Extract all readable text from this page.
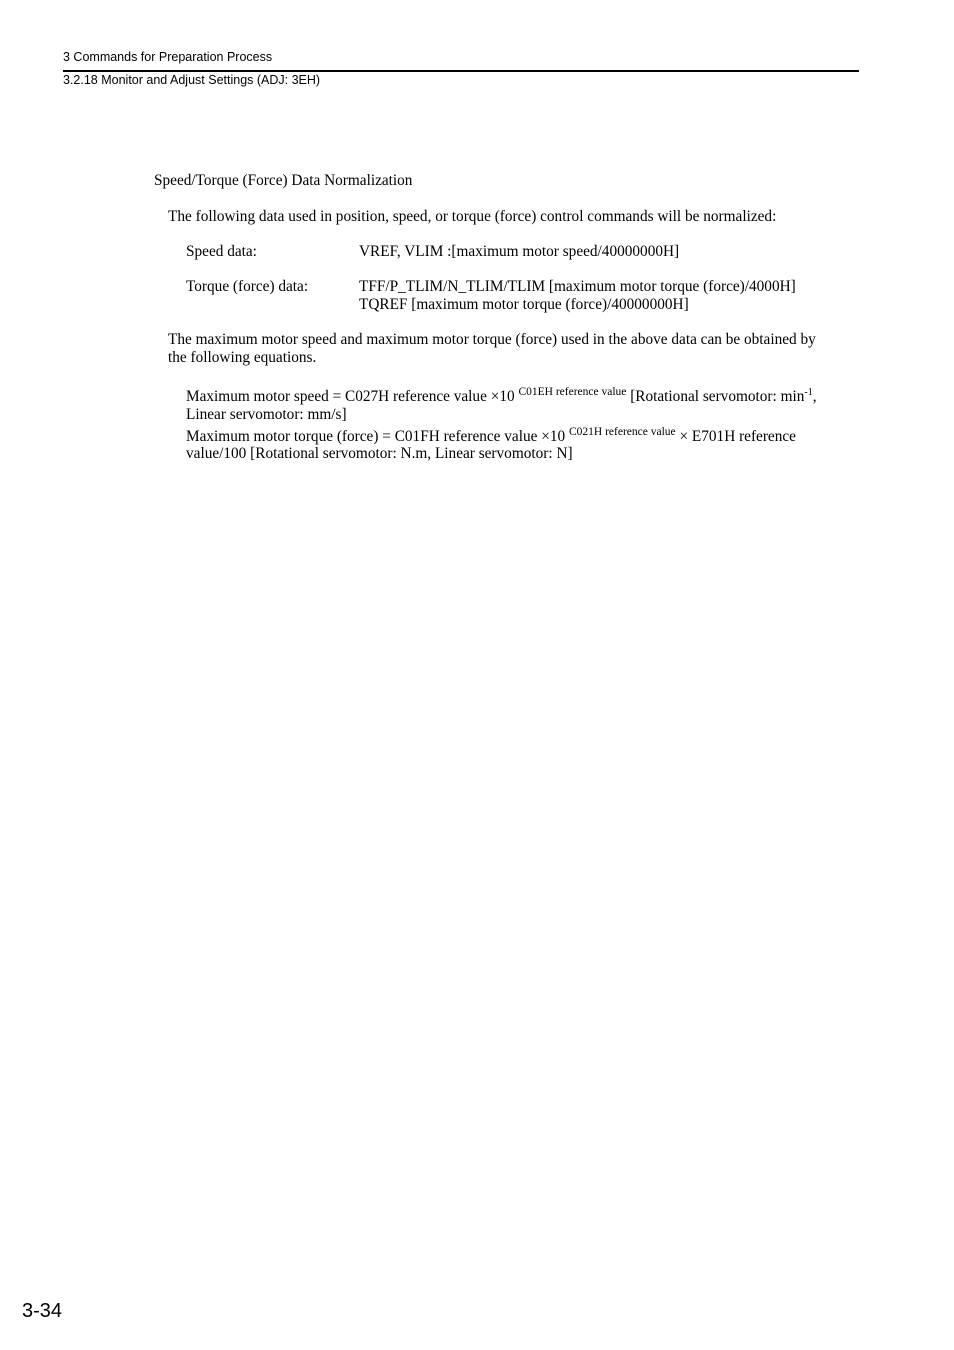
3 Commands for Preparation Process
3.2.18 Monitor and Adjust Settings (ADJ: 3EH)
Speed/Torque (Force) Data Normalization
The following data used in position, speed, or torque (force) control commands will be normalized:
Speed data:	VREF, VLIM :[maximum motor speed/40000000H]
Torque (force) data:	TFF/P_TLIM/N_TLIM/TLIM [maximum motor torque (force)/4000H]
TQREF [maximum motor torque (force)/40000000H]
The maximum motor speed and maximum motor torque (force) used in the above data can be obtained by
the following equations.
Maximum motor speed = C027H reference value ×10 $^{C01EH reference value}$ [Rotational servomotor: $\min^{-1}$,
Linear servomotor: mm/s]
Maximum motor torque (force) = C01FH reference value ×10 $^{C021H reference value}$ × E701H reference
value/100 [Rotational servomotor: N.m, Linear servomotor: N]
3-34
